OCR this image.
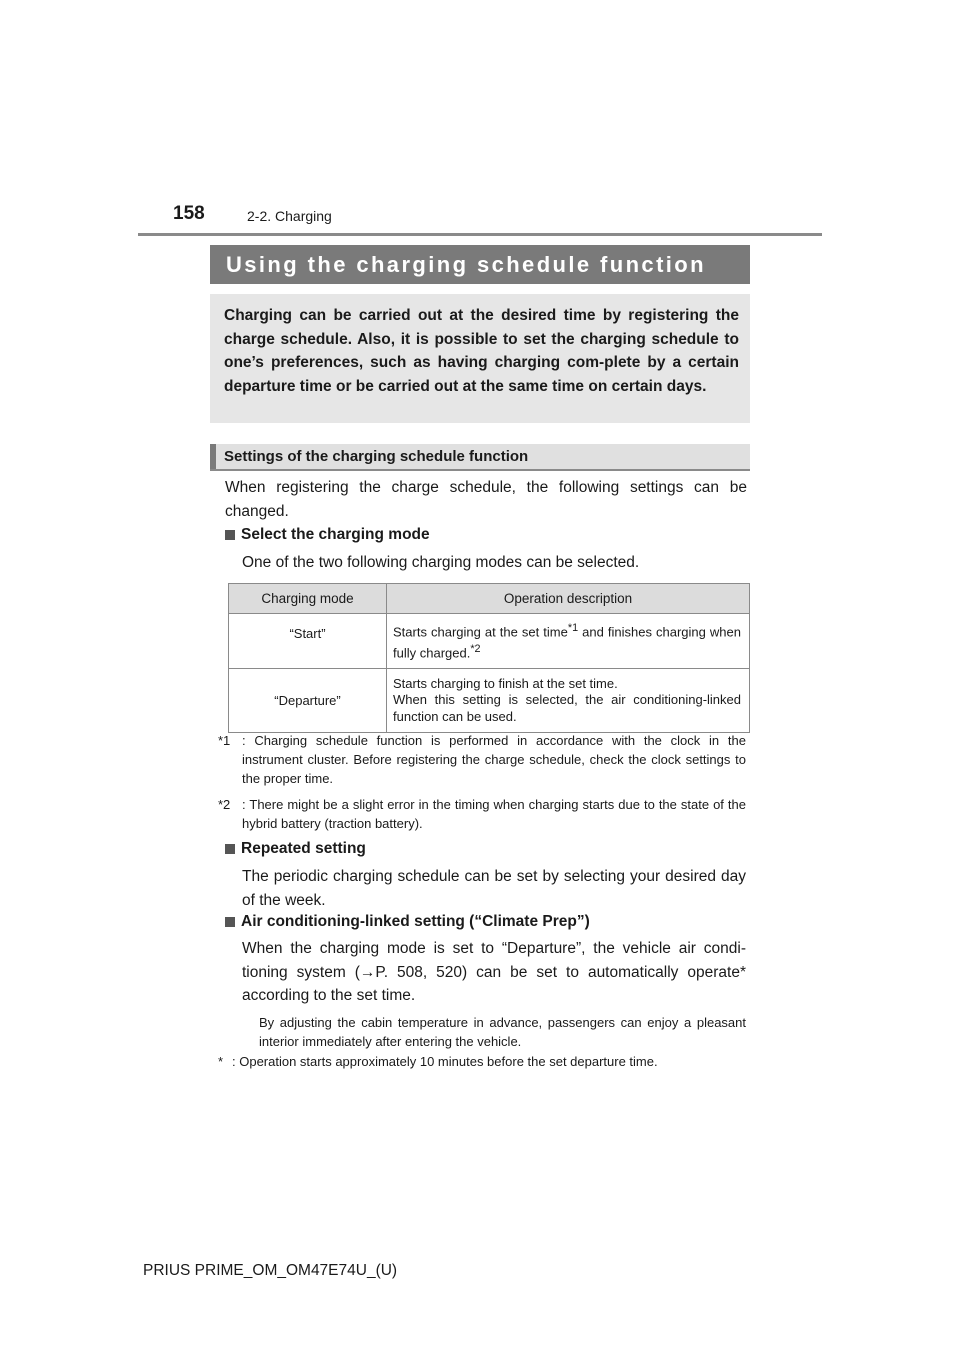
158	2-2. Charging
Using the charging schedule function

Charging can be carried out at the desired time by registering the charge schedule. Also, it is possible to set the charging schedule to one’s preferences, such as having charging com-plete by a certain departure time or be carried out at the same time on certain days.

Settings of the charging schedule function
When registering the charge schedule, the following settings can be changed.
Select the charging mode
One of the two following charging modes can be selected.
Charging mode	Operation description
“Start”	Starts charging at the set time$^{*1}$ and finishes charging when fully charged.$^{*2}$
“Departure”	Starts charging to finish at the set time.
When this setting is selected, the air conditioning-linked function can be used.
*1 : Charging schedule function is performed in accordance with the clock in the instrument cluster. Before registering the charge schedule, check the clock settings to the proper time.
*2 : There might be a slight error in the timing when charging starts due to the state of the hybrid battery (traction battery).
Repeated setting
The periodic charging schedule can be set by selecting your desired day of the week.
Air conditioning-linked setting (“Climate Prep”)
When the charging mode is set to “Departure”, the vehicle air condi-tioning system (→P. 508, 520) can be set to automatically operate* according to the set time.
By adjusting the cabin temperature in advance, passengers can enjoy a pleasant interior immediately after entering the vehicle.
* : Operation starts approximately 10 minutes before the set departure time.
PRIUS PRIME_OM_OM47E74U_(U)
